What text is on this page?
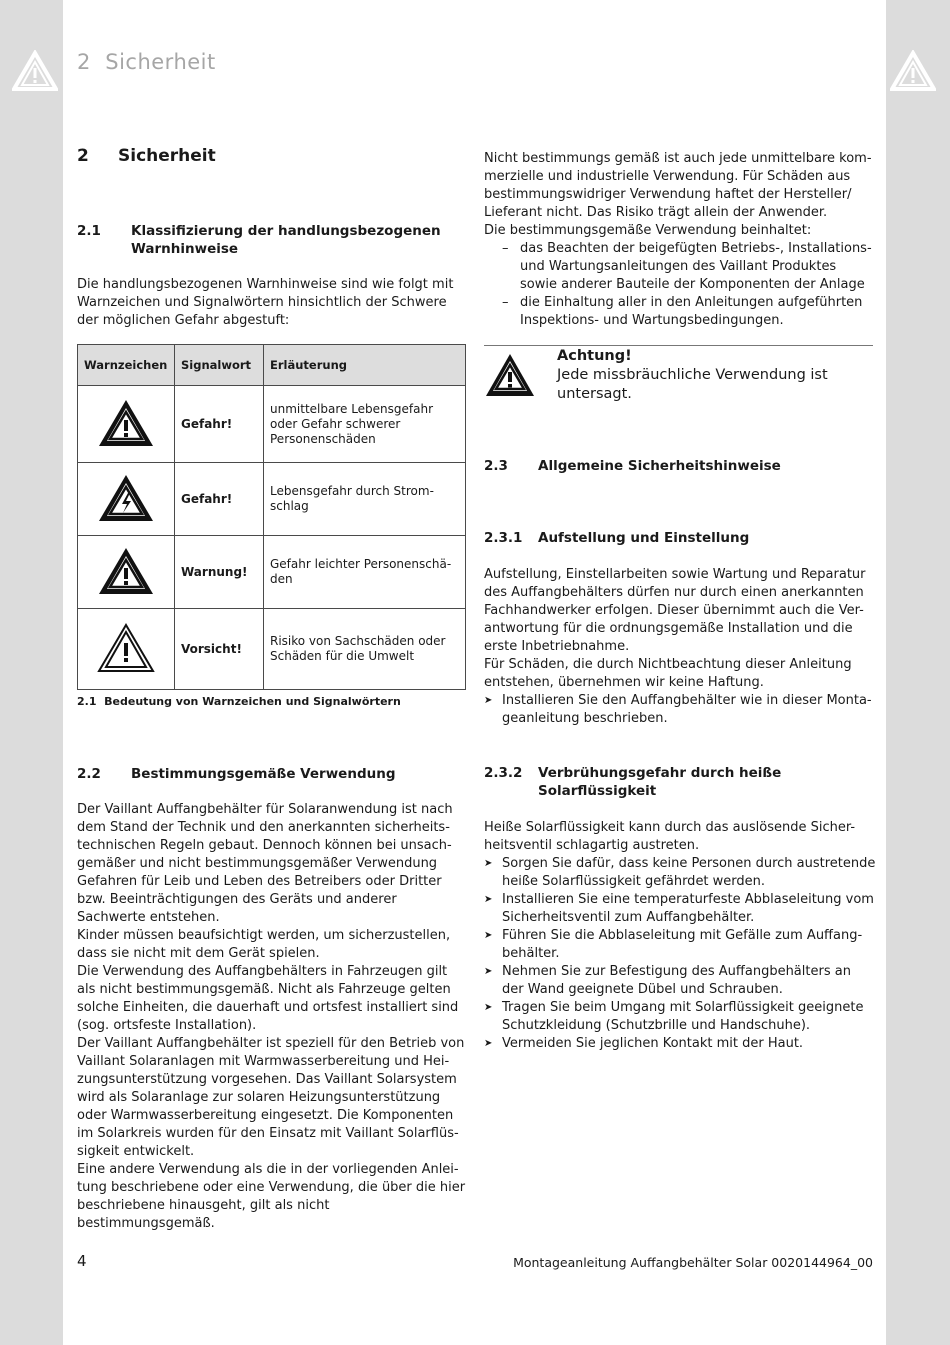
2 Sicherheit
2 Sicherheit
2.1 Klassifizierung der handlungsbezogenen Warnhinweise

Die handlungsbezogenen Warnhinweise sind wie folgt mit Warnzeichen und Signalwörtern hinsichtlich der Schwere der möglichen Gefahr abgestuft:

Warnzeichen	Signalwort	Erläuterung
	Gefahr!	unmittelbare Lebensgefahr oder Gefahr schwerer Personenschäden
	Gefahr!	Lebensgefahr durch Strom-schlag
	Warnung!	Gefahr leichter Personenschä-den
	Vorsicht!	Risiko von Sachschäden oder Schäden für die Umwelt
2.1 Bedeutung von Warnzeichen und Signalwörtern
2.2 Bestimmungsgemäße Verwendung

Der Vaillant Auffangbehälter für Solaranwendung ist nach dem Stand der Technik und den anerkannten sicherheits-technischen Regeln gebaut. Dennoch können bei unsach-gemäßer und nicht bestimmungsgemäßer Verwendung Gefahren für Leib und Leben des Betreibers oder Dritter bzw. Beeinträchtigungen des Geräts und anderer Sachwerte entstehen.

Kinder müssen beaufsichtigt werden, um sicherzustellen, dass sie nicht mit dem Gerät spielen.

Die Verwendung des Auffangbehälters in Fahrzeugen gilt als nicht bestimmungsgemäß. Nicht als Fahrzeuge gelten solche Einheiten, die dauerhaft und ortsfest installiert sind (sog. ortsfeste Installation).

Der Vaillant Auffangbehälter ist speziell für den Betrieb von Vaillant Solaranlagen mit Warmwasserbereitung und Hei-zungsunterstützung vorgesehen. Das Vaillant Solarsystem wird als Solaranlage zur solaren Heizungsunterstützung oder Warmwasserbereitung eingesetzt. Die Komponenten im Solarkreis wurden für den Einsatz mit Vaillant Solarflüs-sigkeit entwickelt.

Eine andere Verwendung als die in der vorliegenden Anlei-tung beschriebene oder eine Verwendung, die über die hier beschriebene hinausgeht, gilt als nicht bestimmungsgemäß.

Nicht bestimmungs gemäß ist auch jede unmittelbare kom-merzielle und industrielle Verwendung. Für Schäden aus bestimmungswidriger Verwendung haftet der Hersteller/ Lieferant nicht. Das Risiko trägt allein der Anwender.

Die bestimmungsgemäße Verwendung beinhaltet:

– das Beachten der beigefügten Betriebs-, Installations- und Wartungsanleitungen des Vaillant Produktes sowie anderer Bauteile der Komponenten der Anlage
– die Einhaltung aller in den Anleitungen aufgeführten Inspektions- und Wartungsbedingungen.
Achtung!
Jede missbräuchliche Verwendung ist untersagt.
2.3 Allgemeine Sicherheitshinweise
2.3.1 Aufstellung und Einstellung

Aufstellung, Einstellarbeiten sowie Wartung und Reparatur des Auffangbehälters dürfen nur durch einen anerkannten Fachhandwerker erfolgen. Dieser übernimmt auch die Ver-antwortung für die ordnungsgemäße Installation und die erste Inbetriebnahme.

Für Schäden, die durch Nichtbeachtung dieser Anleitung entstehen, übernehmen wir keine Haftung.

➤ Installieren Sie den Auffangbehälter wie in dieser Monta-geanleitung beschrieben.
2.3.2 Verbrühungsgefahr durch heiße Solarflüssigkeit

Heiße Solarflüssigkeit kann durch das auslösende Sicher-heitsventil schlagartig austreten.

➤ Sorgen Sie dafür, dass keine Personen durch austretende heiße Solarflüssigkeit gefährdet werden.
➤ Installieren Sie eine temperaturfeste Abblaseleitung vom Sicherheitsventil zum Auffangbehälter.
➤ Führen Sie die Abblaseleitung mit Gefälle zum Auffang-behälter.
➤ Nehmen Sie zur Befestigung des Auffangbehälters an der Wand geeignete Dübel und Schrauben.
➤ Tragen Sie beim Umgang mit Solarflüssigkeit geeignete Schutzkleidung (Schutzbrille und Handschuhe).
➤ Vermeiden Sie jeglichen Kontakt mit der Haut.
4	Montageanleitung Auffangbehälter Solar 0020144964_00
